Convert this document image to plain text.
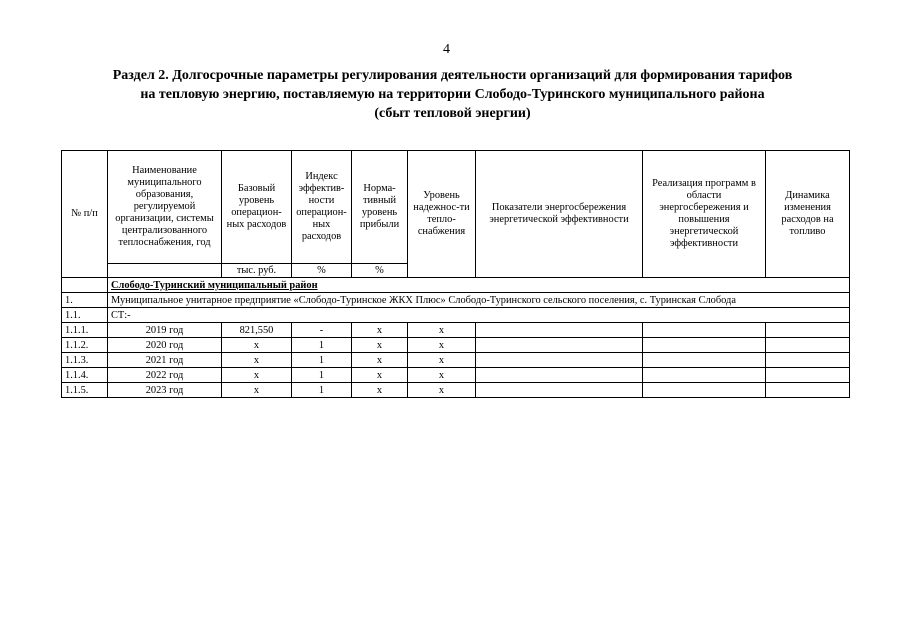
4
Раздел 2. Долгосрочные параметры регулирования деятельности организаций для формирования тарифов
на тепловую энергию, поставляемую на территории Слободо-Туринского муниципального района
(сбыт тепловой энергии)
№ п/п	Наименование муниципального образования, регулируемой организации, системы централизованного теплоснабжения, год	Базовый уровень операцион-ных расходов	Индекс эффектив-ности операцион-ных расходов	Норма-тивный уровень прибыли	Уровень надежнос-ти тепло-снабжения	Показатели энергосбережения энергетической эффективности	Реализация программ в области энергосбережения и повышения энергетической эффективности	Динамика изменения расходов на топливо
		тыс. руб.	%	%				
	Слободо-Туринский муниципальный район							
1.	Муниципальное унитарное предприятие «Слободо-Туринское ЖКХ Плюс» Слободо-Туринского сельского поселения, с. Туринская Слобода							
1.1.	СТ:-							
1.1.1.	2019 год	821,550	-	x	x			
1.1.2.	2020 год	x	1	x	x			
1.1.3.	2021 год	x	1	x	x			
1.1.4.	2022 год	x	1	x	x			
1.1.5.	2023 год	x	1	x	x			
